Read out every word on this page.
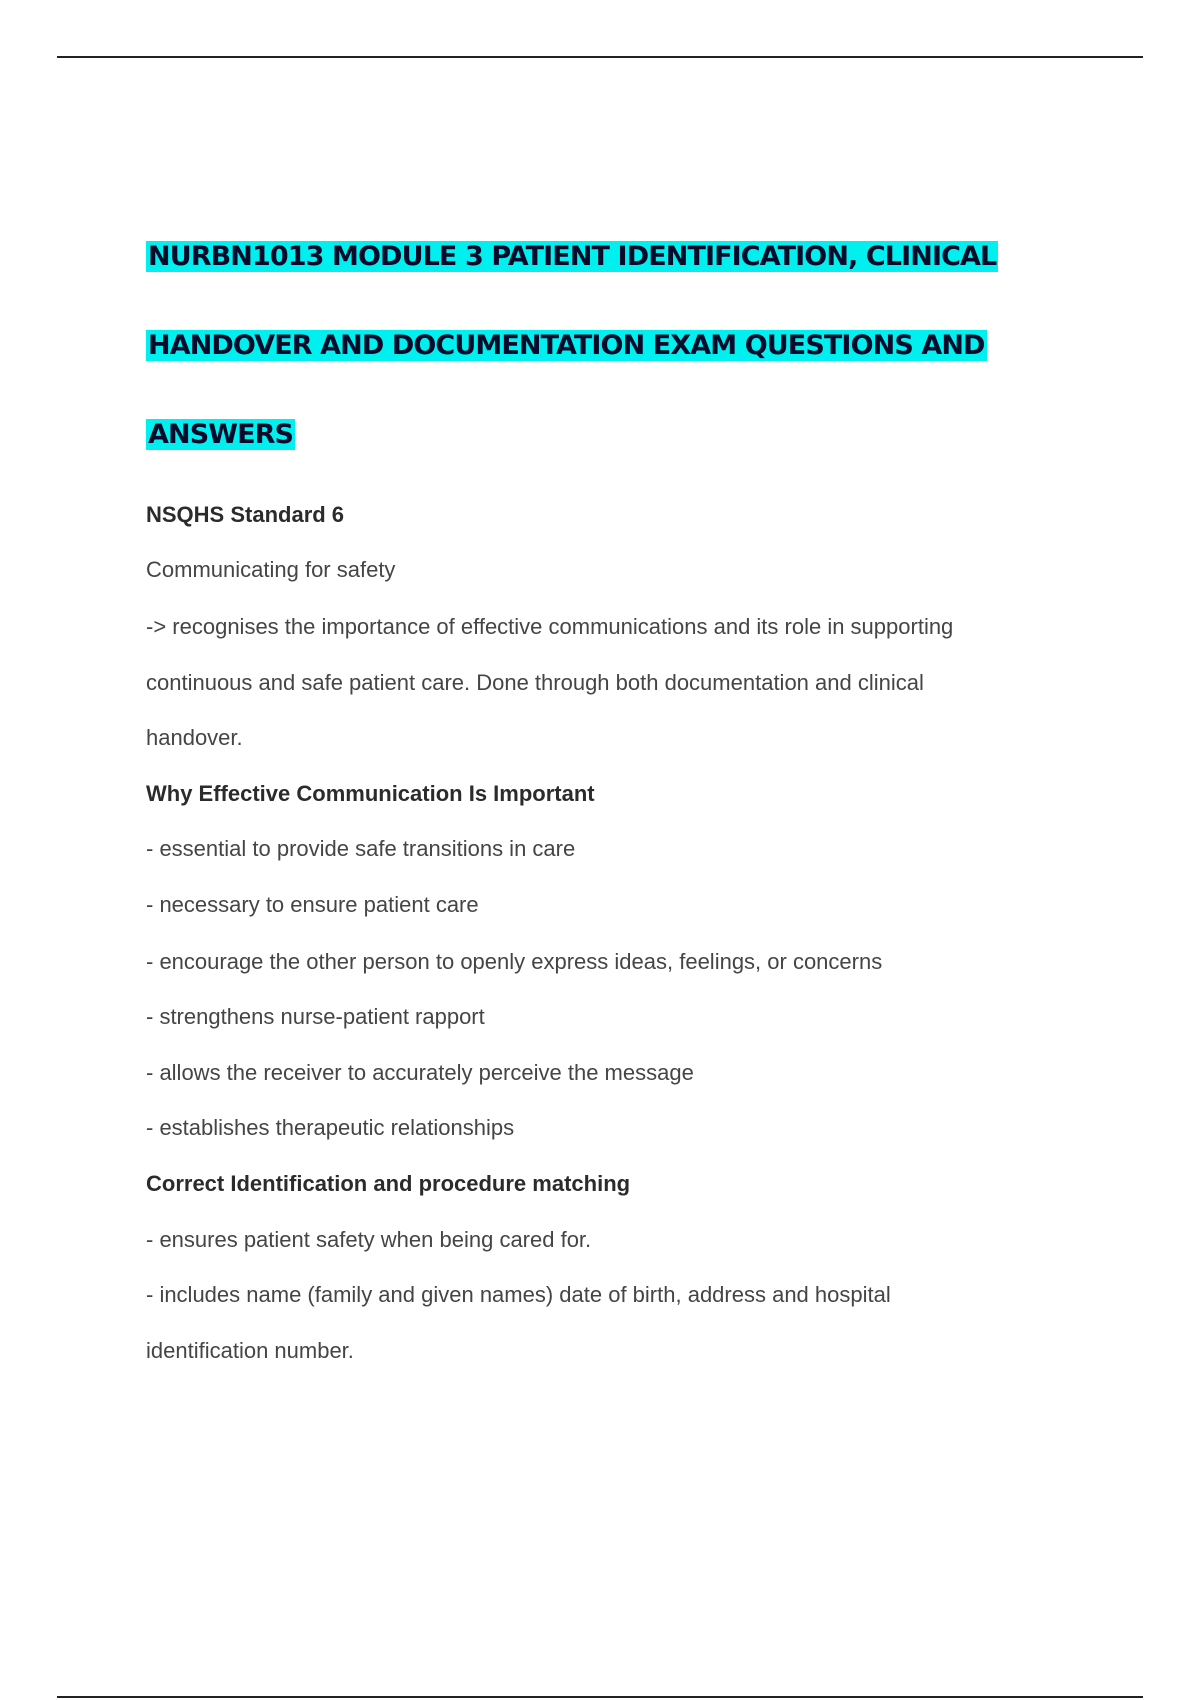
NURBN1013 MODULE 3 PATIENT IDENTIFICATION, CLINICAL
HANDOVER AND DOCUMENTATION EXAM QUESTIONS AND
ANSWERS
NSQHS Standard 6
Communicating for safety
-> recognises the importance of effective communications and its role in supporting
continuous and safe patient care. Done through both documentation and clinical
handover.
Why Effective Communication Is Important
- essential to provide safe transitions in care
- necessary to ensure patient care
- encourage the other person to openly express ideas, feelings, or concerns
- strengthens nurse-patient rapport
- allows the receiver to accurately perceive the message
- establishes therapeutic relationships
Correct Identification and procedure matching
- ensures patient safety when being cared for.
- includes name (family and given names) date of birth, address and hospital
identification number.
